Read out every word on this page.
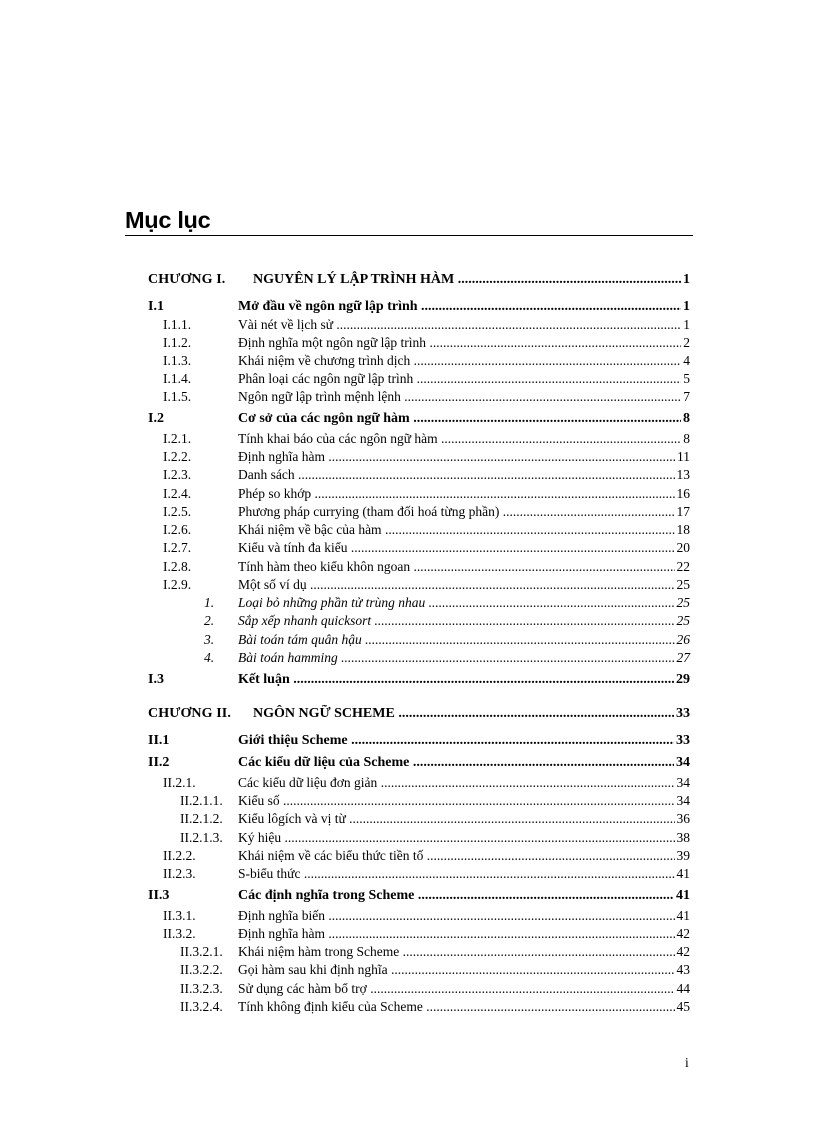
Mục lục
CHƯƠNG I. NGUYÊN LÝ LẬP TRÌNH HÀM .....	1
I.1	Mở đầu về ngôn ngữ lập trình .....	1
I.1.1.	Vài nét về lịch sử .....	1
I.1.2.	Định nghĩa một ngôn ngữ lập trình .....	2
I.1.3.	Khái niệm về chương trình dịch .....	4
I.1.4.	Phân loại các ngôn ngữ lập trình .....	5
I.1.5.	Ngôn ngữ lập trình mệnh lệnh .....	7
I.2	Cơ sở của các ngôn ngữ hàm .....	8
I.2.1.	Tính khai báo của các ngôn ngữ hàm .....	8
I.2.2.	Định nghĩa hàm .....	11
I.2.3.	Danh sách .....	13
I.2.4.	Phép so khớp .....	16
I.2.5.	Phương pháp currying (tham đối hoá từng phần) .....	17
I.2.6.	Khái niệm về bậc của hàm .....	18
I.2.7.	Kiểu và tính đa kiểu .....	20
I.2.8.	Tính hàm theo kiểu khôn ngoan .....	22
I.2.9.	Một số ví dụ .....	25
1. Loại bỏ những phần tử trùng nhau .....	25
2. Sắp xếp nhanh quicksort .....	25
3. Bài toán tám quân hậu .....	26
4. Bài toán hamming .....	27
I.3	Kết luận .....	29
CHƯƠNG II. NGÔN NGỮ SCHEME .....	33
II.1	Giới thiệu Scheme .....	33
II.2	Các kiểu dữ liệu của Scheme .....	34
II.2.1.	Các kiểu dữ liệu đơn giản .....	34
II.2.1.1. Kiểu số .....	34
II.2.1.2. Kiểu lôgích và vị từ .....	36
II.2.1.3. Ký hiệu .....	38
II.2.2.	Khái niệm về các biểu thức tiền tố .....	39
II.2.3.	S-biểu thức .....	41
II.3	Các định nghĩa trong Scheme .....	41
II.3.1.	Định nghĩa biến .....	41
II.3.2.	Định nghĩa hàm .....	42
II.3.2.1. Khái niệm hàm trong Scheme .....	42
II.3.2.2. Gọi hàm sau khi định nghĩa .....	43
II.3.2.3. Sử dụng các hàm bổ trợ .....	44
II.3.2.4. Tính không định kiểu của Scheme .....	45
i
